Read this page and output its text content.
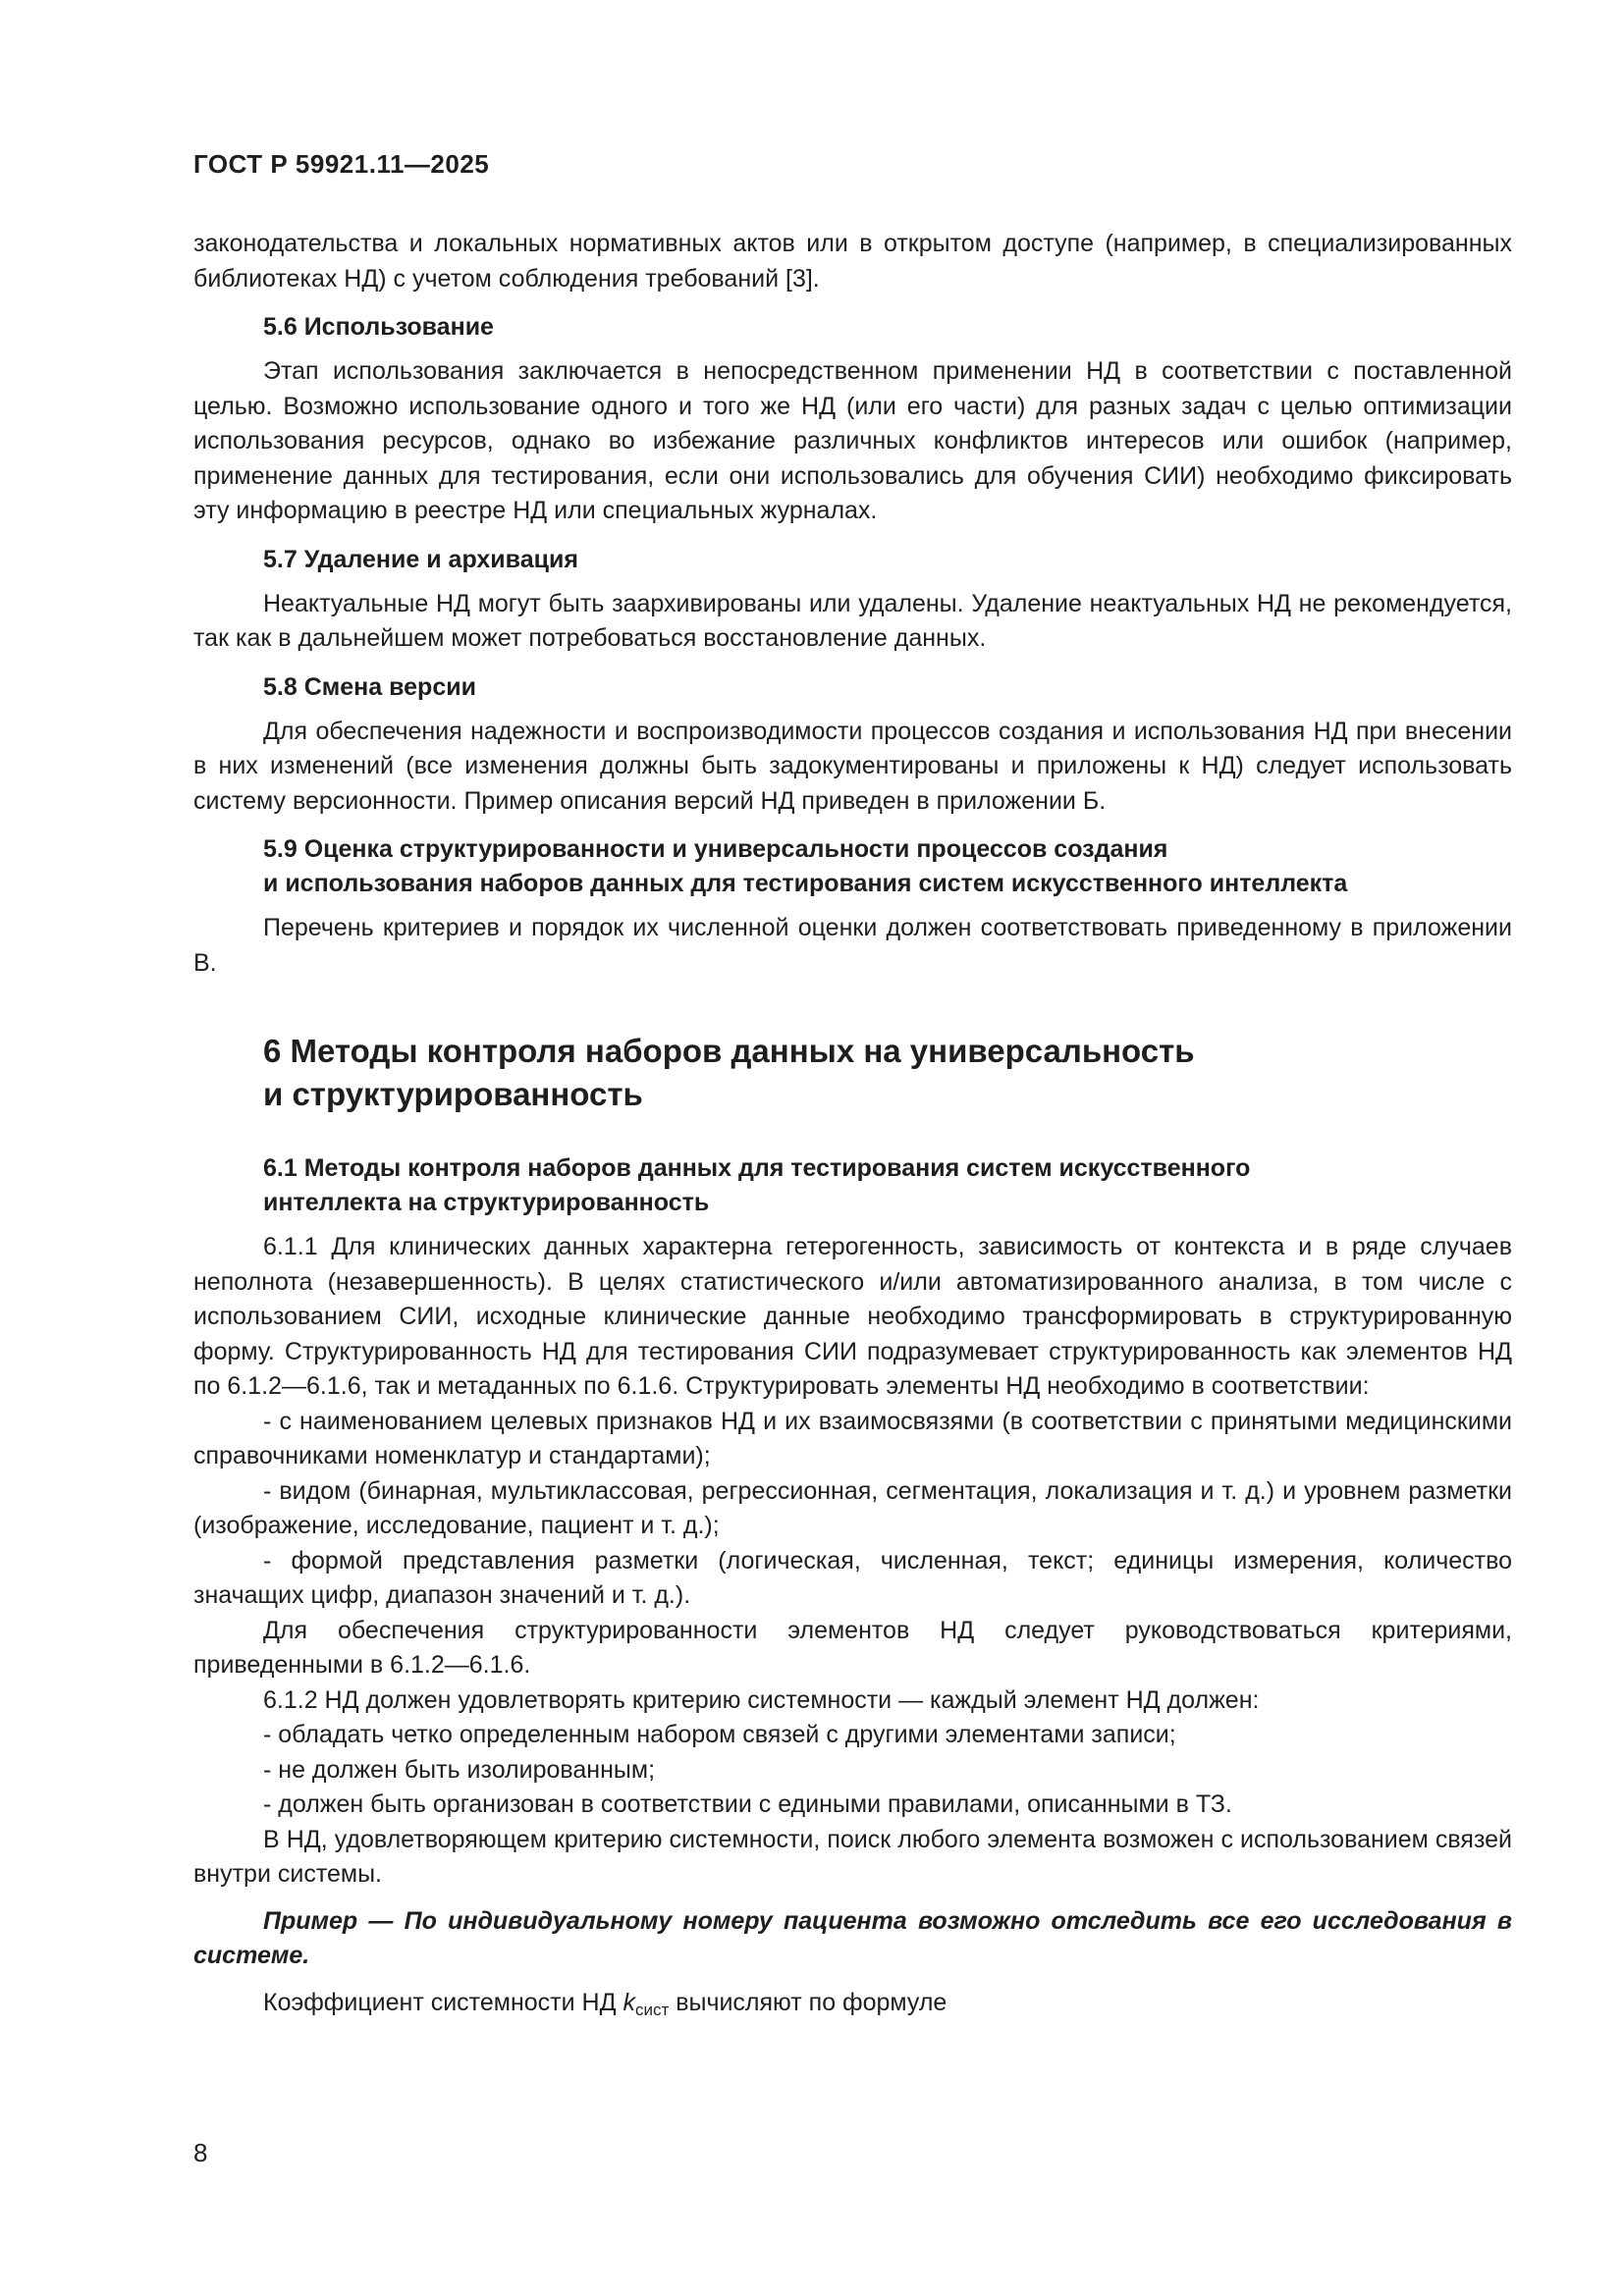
ГОСТ Р 59921.11—2025

законодательства и локальных нормативных актов или в открытом доступе (например, в специализированных библиотеках НД) с учетом соблюдения требований [3].

5.6 Использование

Этап использования заключается в непосредственном применении НД в соответствии с поставленной целью. Возможно использование одного и того же НД (или его части) для разных задач с целью оптимизации использования ресурсов, однако во избежание различных конфликтов интересов или ошибок (например, применение данных для тестирования, если они использовались для обучения СИИ) необходимо фиксировать эту информацию в реестре НД или специальных журналах.

5.7 Удаление и архивация

Неактуальные НД могут быть заархивированы или удалены. Удаление неактуальных НД не рекомендуется, так как в дальнейшем может потребоваться восстановление данных.

5.8 Смена версии

Для обеспечения надежности и воспроизводимости процессов создания и использования НД при внесении в них изменений (все изменения должны быть задокументированы и приложены к НД) следует использовать систему версионности. Пример описания версий НД приведен в приложении Б.

5.9 Оценка структурированности и универсальности процессов создания
и использования наборов данных для тестирования систем искусственного интеллекта

Перечень критериев и порядок их численной оценки должен соответствовать приведенному в приложении В.

6 Методы контроля наборов данных на универсальность
и структурированность
6.1 Методы контроля наборов данных для тестирования систем искусственного
интеллекта на структурированность

6.1.1 Для клинических данных характерна гетерогенность, зависимость от контекста и в ряде случаев неполнота (незавершенность). В целях статистического и/или автоматизированного анализа, в том числе с использованием СИИ, исходные клинические данные необходимо трансформировать в структурированную форму. Структурированность НД для тестирования СИИ подразумевает структурированность как элементов НД по 6.1.2—6.1.6, так и метаданных по 6.1.6. Структурировать элементы НД необходимо в соответствии:

- с наименованием целевых признаков НД и их взаимосвязями (в соответствии с принятыми медицинскими справочниками номенклатур и стандартами);

- видом (бинарная, мультиклассовая, регрессионная, сегментация, локализация и т. д.) и уровнем разметки (изображение, исследование, пациент и т. д.);

- формой представления разметки (логическая, численная, текст; единицы измерения, количество значащих цифр, диапазон значений и т. д.).

Для обеспечения структурированности элементов НД следует руководствоваться критериями, приведенными в 6.1.2—6.1.6.

6.1.2 НД должен удовлетворять критерию системности — каждый элемент НД должен:

- обладать четко определенным набором связей с другими элементами записи;

- не должен быть изолированным;

- должен быть организован в соответствии с едиными правилами, описанными в ТЗ.

В НД, удовлетворяющем критерию системности, поиск любого элемента возможен с использованием связей внутри системы.

Пример — По индивидуальному номеру пациента возможно отследить все его исследования в системе.

Коэффициент системности НД $k_{сист}$ вычисляют по формуле

8
